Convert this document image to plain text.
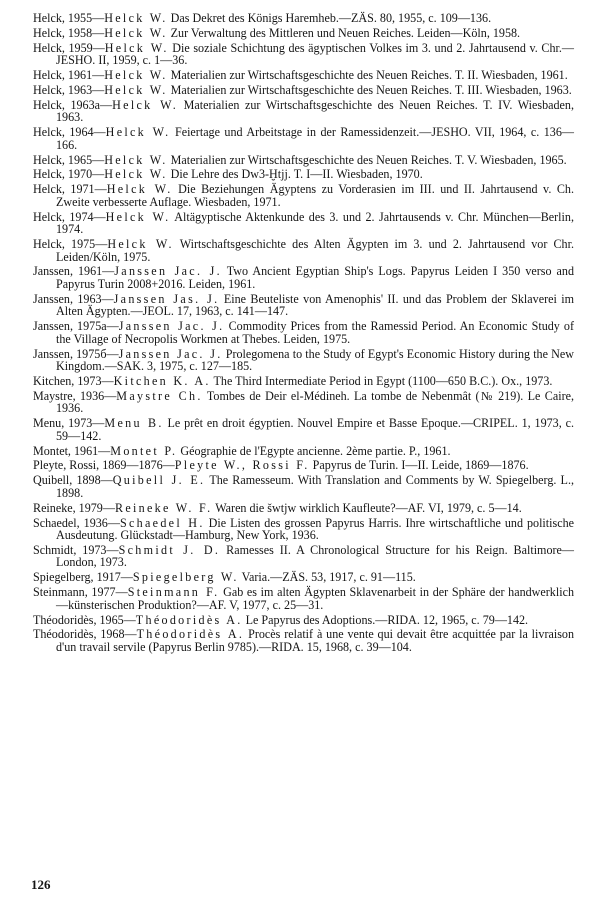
Helck, 1955—Helck W. Das Dekret des Königs Haremheb.—ZÄS. 80, 1955, c. 109—136.

Helck, 1958—Helck W. Zur Verwaltung des Mittleren und Neuen Reiches. Leiden—Köln, 1958.

Helck, 1959—Helck W. Die soziale Schichtung des ägyptischen Volkes im 3. und 2. Jahrtausend v. Chr.—JESHO. II, 1959, c. 1—36.

Helck, 1961—Helck W. Materialien zur Wirtschaftsgeschichte des Neuen Reiches. T. II. Wiesbaden, 1961.

Helck, 1963—Helck W. Materialien zur Wirtschaftsgeschichte des Neuen Reiches. T. III. Wiesbaden, 1963.

Helck, 1963a—Helck W. Materialien zur Wirtschaftsgeschichte des Neuen Reiches. T. IV. Wiesbaden, 1963.

Helck, 1964—Helck W. Feiertage und Arbeitstage in der Ramessidenzeit.—JESHO. VII, 1964, c. 136—166.

Helck, 1965—Helck W. Materialien zur Wirtschaftsgeschichte des Neuen Reiches. T. V. Wiesbaden, 1965.

Helck, 1970—Helck W. Die Lehre des Dw3-Ḫtjj. T. I—II. Wiesbaden, 1970.

Helck, 1971—Helck W. Die Beziehungen Ägyptens zu Vorderasien im III. und II. Jahrtausend v. Ch. Zweite verbesserte Auflage. Wiesbaden, 1971.

Helck, 1974—Helck W. Altägyptische Aktenkunde des 3. und 2. Jahrtausends v. Chr. München—Berlin, 1974.

Helck, 1975—Helck W. Wirtschaftsgeschichte des Alten Ägypten im 3. und 2. Jahrtausend vor Chr. Leiden/Köln, 1975.

Janssen, 1961—Janssen Jac. J. Two Ancient Egyptian Ship's Logs. Papyrus Leiden I 350 verso and Papyrus Turin 2008+2016. Leiden, 1961.

Janssen, 1963—Janssen Jas. J. Eine Beuteliste von Amenophis' II. und das Problem der Sklaverei im Alten Ägypten.—JEOL. 17, 1963, c. 141—147.

Janssen, 1975a—Janssen Jac. J. Commodity Prices from the Ramessid Period. An Economic Study of the Village of Necropolis Workmen at Thebes. Leiden, 1975.

Janssen, 1975б—Janssen Jac. J. Prolegomena to the Study of Egypt's Economic History during the New Kingdom.—SAK. 3, 1975, c. 127—185.

Kitchen, 1973—Kitchen K. A. The Third Intermediate Period in Egypt (1100—650 B.C.). Ox., 1973.

Maystre, 1936—Maystre Ch. Tombes de Deir el-Médineh. La tombe de Nebenmât (№ 219). Le Caire, 1936.

Menu, 1973—Menu B. Le prêt en droit égyptien. Nouvel Empire et Basse Epoque.—CRIPEL. 1, 1973, c. 59—142.

Montet, 1961—Montet P. Géographie de l'Egypte ancienne. 2ème partie. P., 1961.

Pleyte, Rossi, 1869—1876—Pleyte W., Rossi F. Papyrus de Turin. I—II. Leide, 1869—1876.

Quibell, 1898—Quibell J. E. The Ramesseum. With Translation and Comments by W. Spiegelberg. L., 1898.

Reineke, 1979—Reineke W. F. Waren die šwtjw wirklich Kaufleute?—AF. VI, 1979, c. 5—14.

Schaedel, 1936—Schaedel H. Die Listen des grossen Papyrus Harris. Ihre wirtschaftliche und politische Ausdeutung. Glückstadt—Hamburg, New York, 1936.

Schmidt, 1973—Schmidt J. D. Ramesses II. A Chronological Structure for his Reign. Baltimore—London, 1973.

Spiegelberg, 1917—Spiegelberg W. Varia.—ZÄS. 53, 1917, c. 91—115.

Steinmann, 1977—Steinmann F. Gab es im alten Ägypten Sklavenarbeit in der Sphäre der handwerklich—künsterischen Produktion?—AF. V, 1977, c. 25—31.

Théodoridès, 1965—Théodoridès A. Le Papyrus des Adoptions.—RIDA. 12, 1965, c. 79—142.

Théodoridès, 1968—Théodoridès A. Procès relatif à une vente qui devait être acquittée par la livraison d'un travail servile (Papyrus Berlin 9785).—RIDA. 15, 1968, c. 39—104.

126
